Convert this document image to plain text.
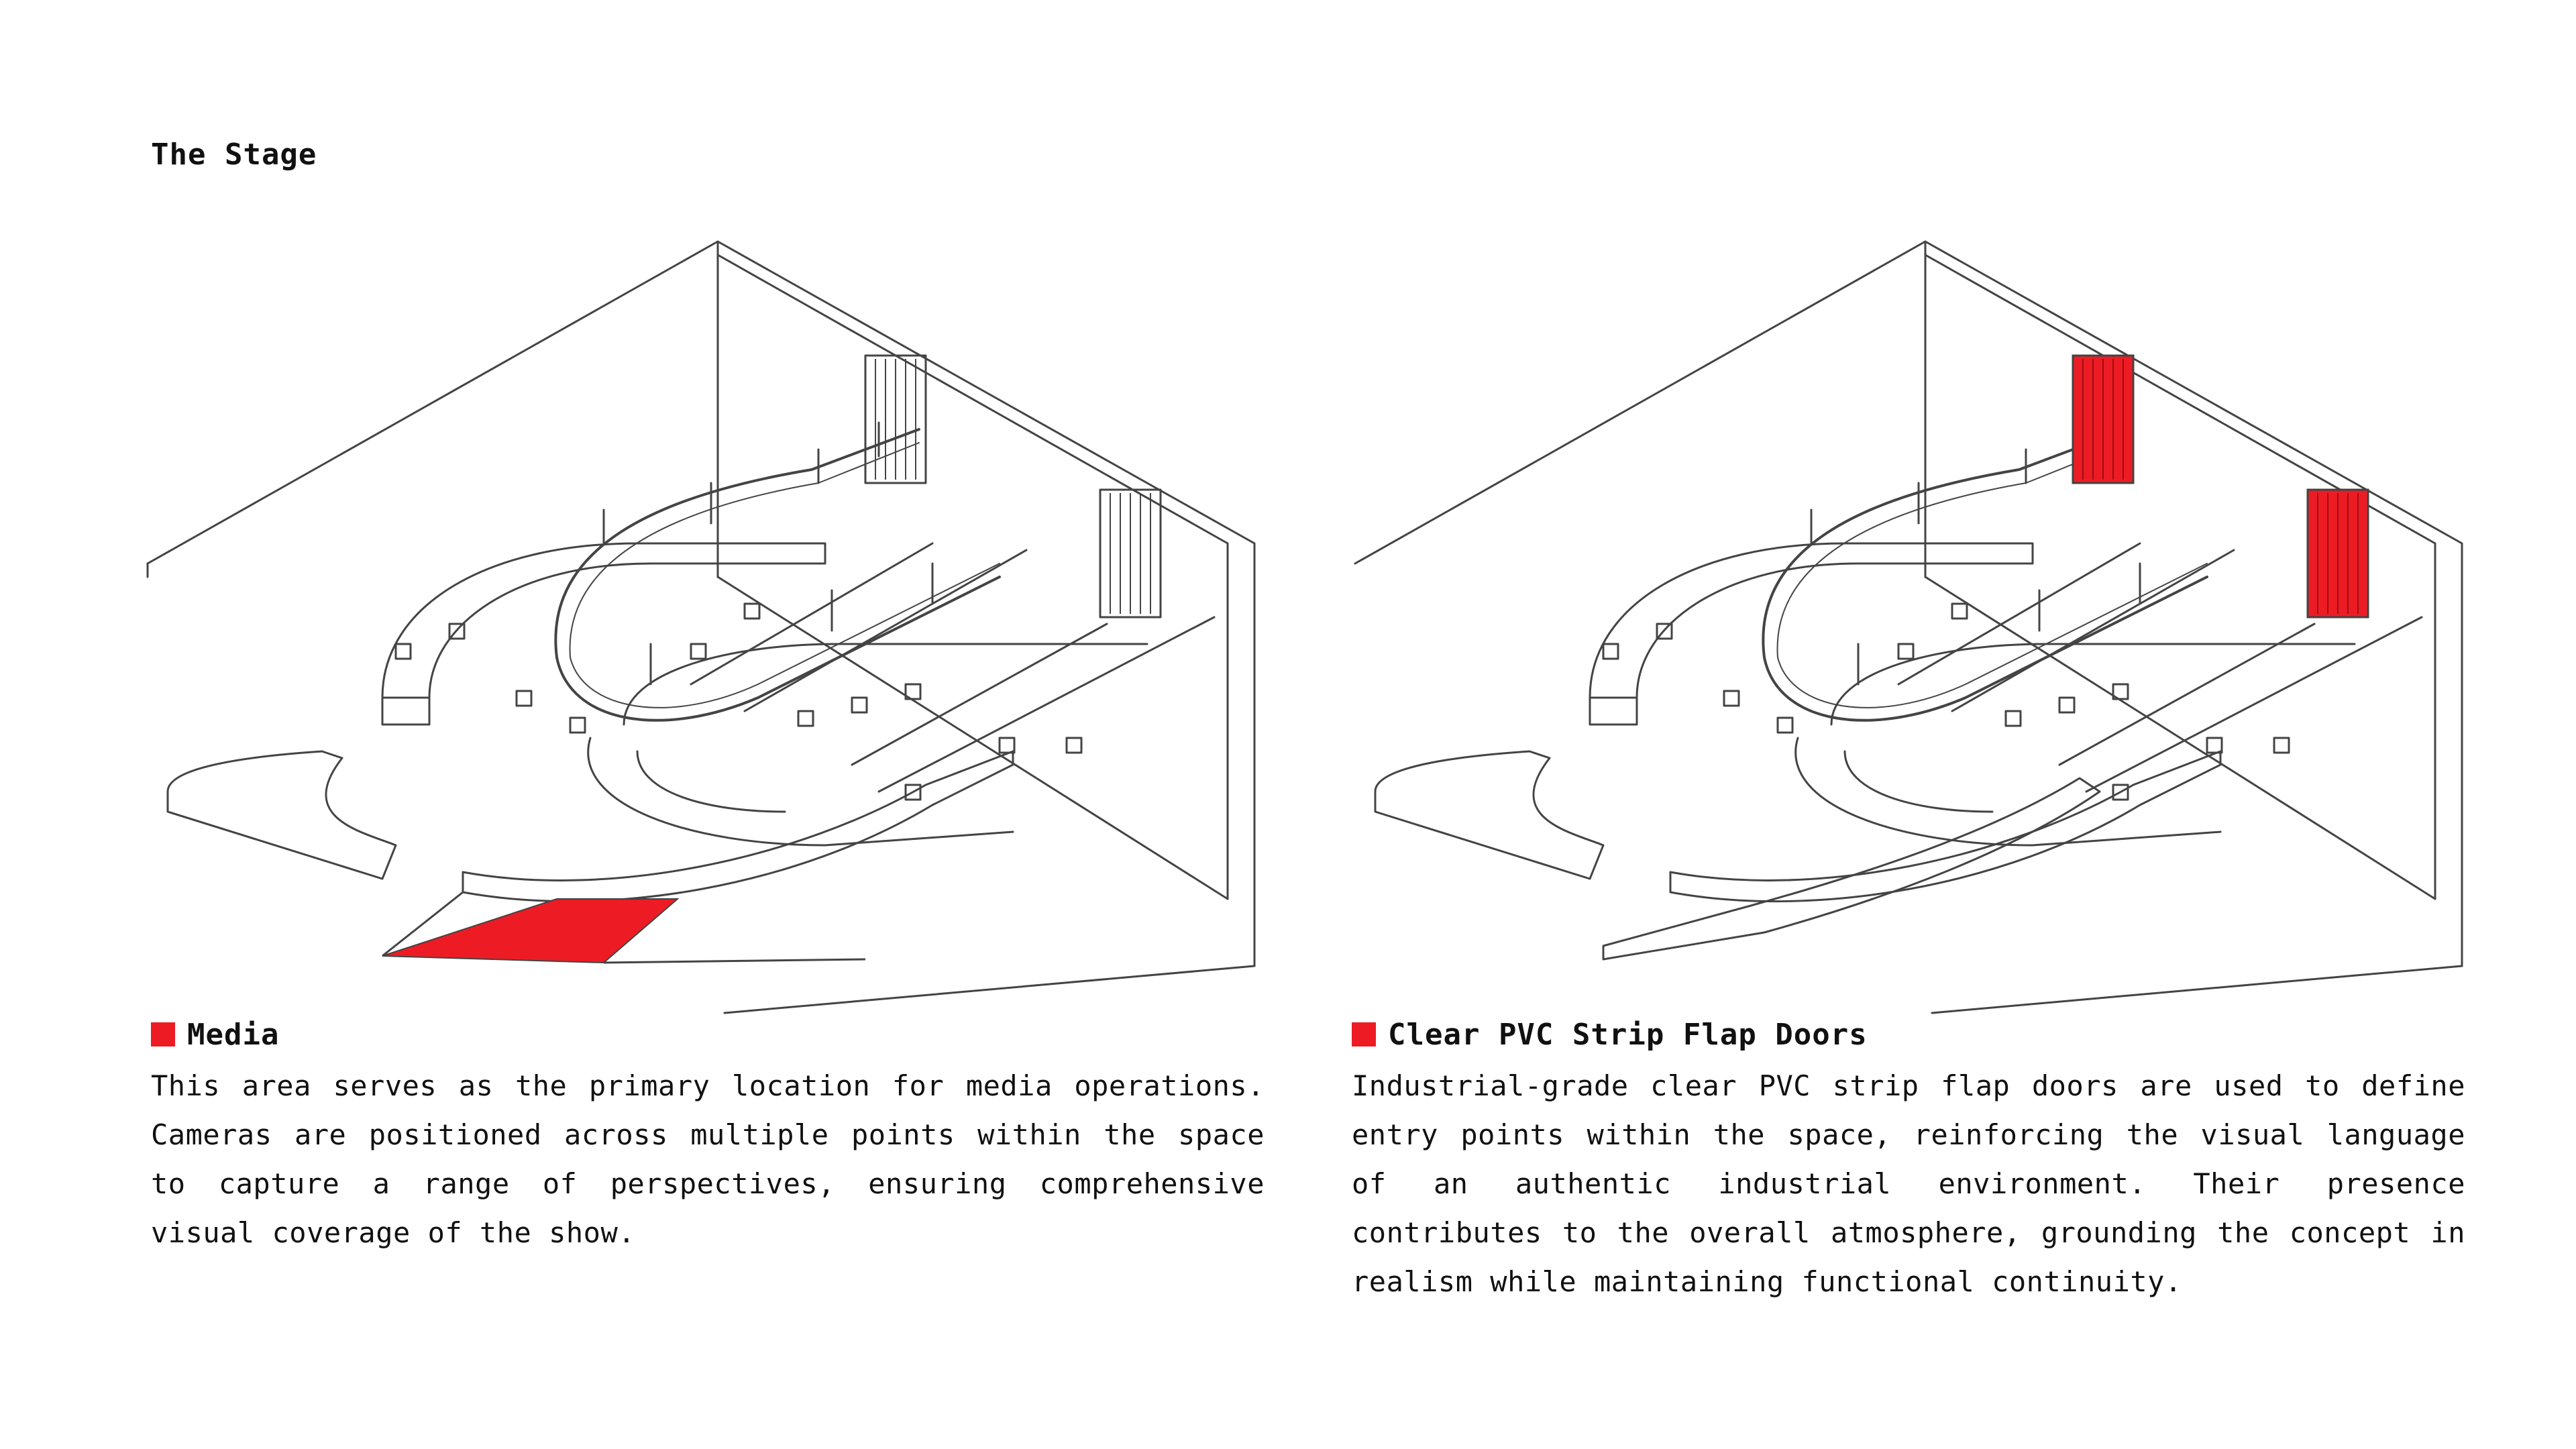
The Stage
Media
This area serves as the primary location for media operations. Cameras are positioned across multiple points within the space to capture a range of perspectives, ensuring comprehensive visual coverage of the show.
Clear PVC Strip Flap Doors
Industrial-grade clear PVC strip flap doors are used to define entry points within the space, reinforcing the visual language of an authentic industrial environment. Their presence contributes to the overall atmosphere, grounding the concept in realism while maintaining functional continuity.
